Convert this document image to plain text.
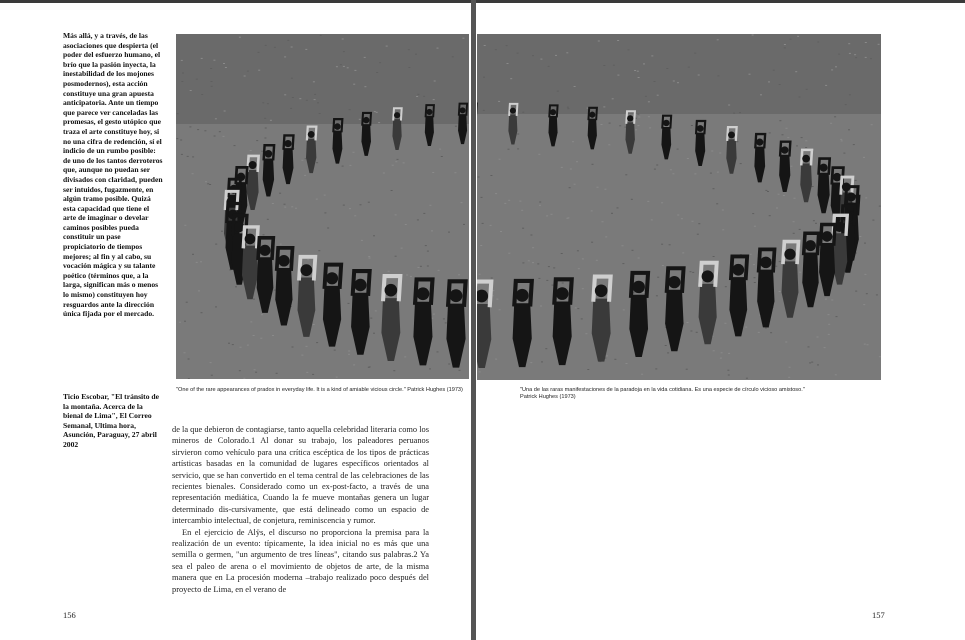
Más allá, y a través, de las asociaciones que despierta (el poder del esfuerzo humano, el brío que la pasión inyecta, la inestabilidad de los mojones posmodernos), esta acción constituye una gran apuesta anticipatoria. Ante un tiempo que parece ver canceladas las promesas, el gesto utópico que traza el arte constituye hoy, si no una cifra de redención, sí el indicio de un rumbo posible: de uno de los tantos derroteros que, aunque no puedan ser divisados con claridad, pueden ser intuidos, fugazmente, en algún tramo posible. Quizá esta capacidad que tiene el arte de imaginar o develar caminos posibles pueda constituir un pase propiciatorio de tiempos mejores; al fin y al cabo, su vocación mágica y su talante poético (términos que, a la larga, significan más o menos lo mismo) constituyen hoy resguardos ante la dirección única fijada por el mercado.
Ticio Escobar, "El tránsito de la montaña. Acerca de la bienal de Lima", El Correo Semanal, Ultima hora, Asunción, Paraguay, 27 abril 2002
"One of the rare appearances of pradox in everyday life. It is a kind of amiable vicious circle." Patrick Hughes (1973)	"Una de las raras manifestaciones de la paradoja en la vida cotidiana. Es una especie de círculo vicioso amistoso." Patrick Hughes (1973)

de la que debieron de contagiarse, tanto aquella celebridad literaria como los mineros de Colorado.1 Al donar su trabajo, los paleadores peruanos sirvieron como vehículo para una crítica escéptica de los tipos de prácticas artísticas basadas en la comunidad de lugares específicos orientados al servicio, que se han convertido en el tema central de las celebraciones de las recientes bienales. Considerado como un ex-post-facto, a través de una representación mediática, Cuando la fe mueve montañas genera un lugar determinado dis-cursivamente, que está delineado como un espacio de intercambio intelectual, de conjetura, reminiscencia y rumor.

En el ejercicio de Alÿs, el discurso no proporciona la premisa para la realización de un evento: típicamente, la idea inicial no es más que una semilla o germen, "un argumento de tres líneas", citando sus palabras.2 Ya sea el paleo de arena o el movimiento de objetos de arte, de la misma manera que en La procesión moderna –trabajo realizado poco después del proyecto de Lima, en el verano de

156	157
